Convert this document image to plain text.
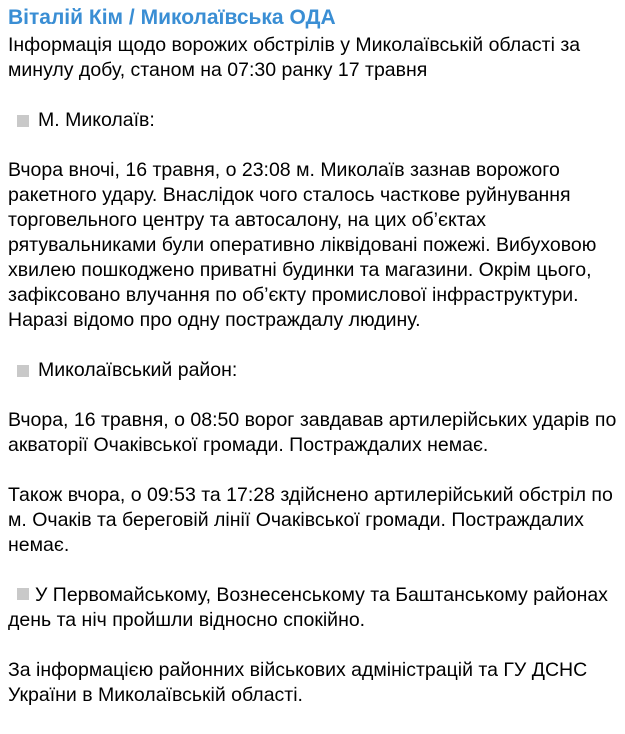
Віталій Кім / Миколаївська ОДА

Інформація щодо ворожих обстрілів у Миколаївській області за минулу добу, станом на 07:30 ранку 17 травня

М. Миколаїв:

Вчора вночі, 16 травня, о 23:08 м. Миколаїв зазнав ворожого ракетного удару. Внаслідок чого сталось часткове руйнування торговельного центру та автосалону, на цих об’єктах рятувальниками були оперативно ліквідовані пожежі. Вибуховою хвилею пошкоджено приватні будинки та магазини. Окрім цього, зафіксовано влучання по об’єкту промислової інфраструктури. Наразі відомо про одну постраждалу людину.

Миколаївський район:

Вчора, 16 травня, о 08:50 ворог завдавав артилерійських ударів по акваторії Очаківської громади. Постраждалих немає.

Також вчора, о 09:53 та 17:28 здійснено артилерійський обстріл по м. Очаків та береговій лінії Очаківської громади. Постраждалих немає.

У Первомайському, Вознесенському та Баштанському районах день та ніч пройшли відносно спокійно.

За інформацією районних військових адміністрацій та ГУ ДСНС України в Миколаївській області.
